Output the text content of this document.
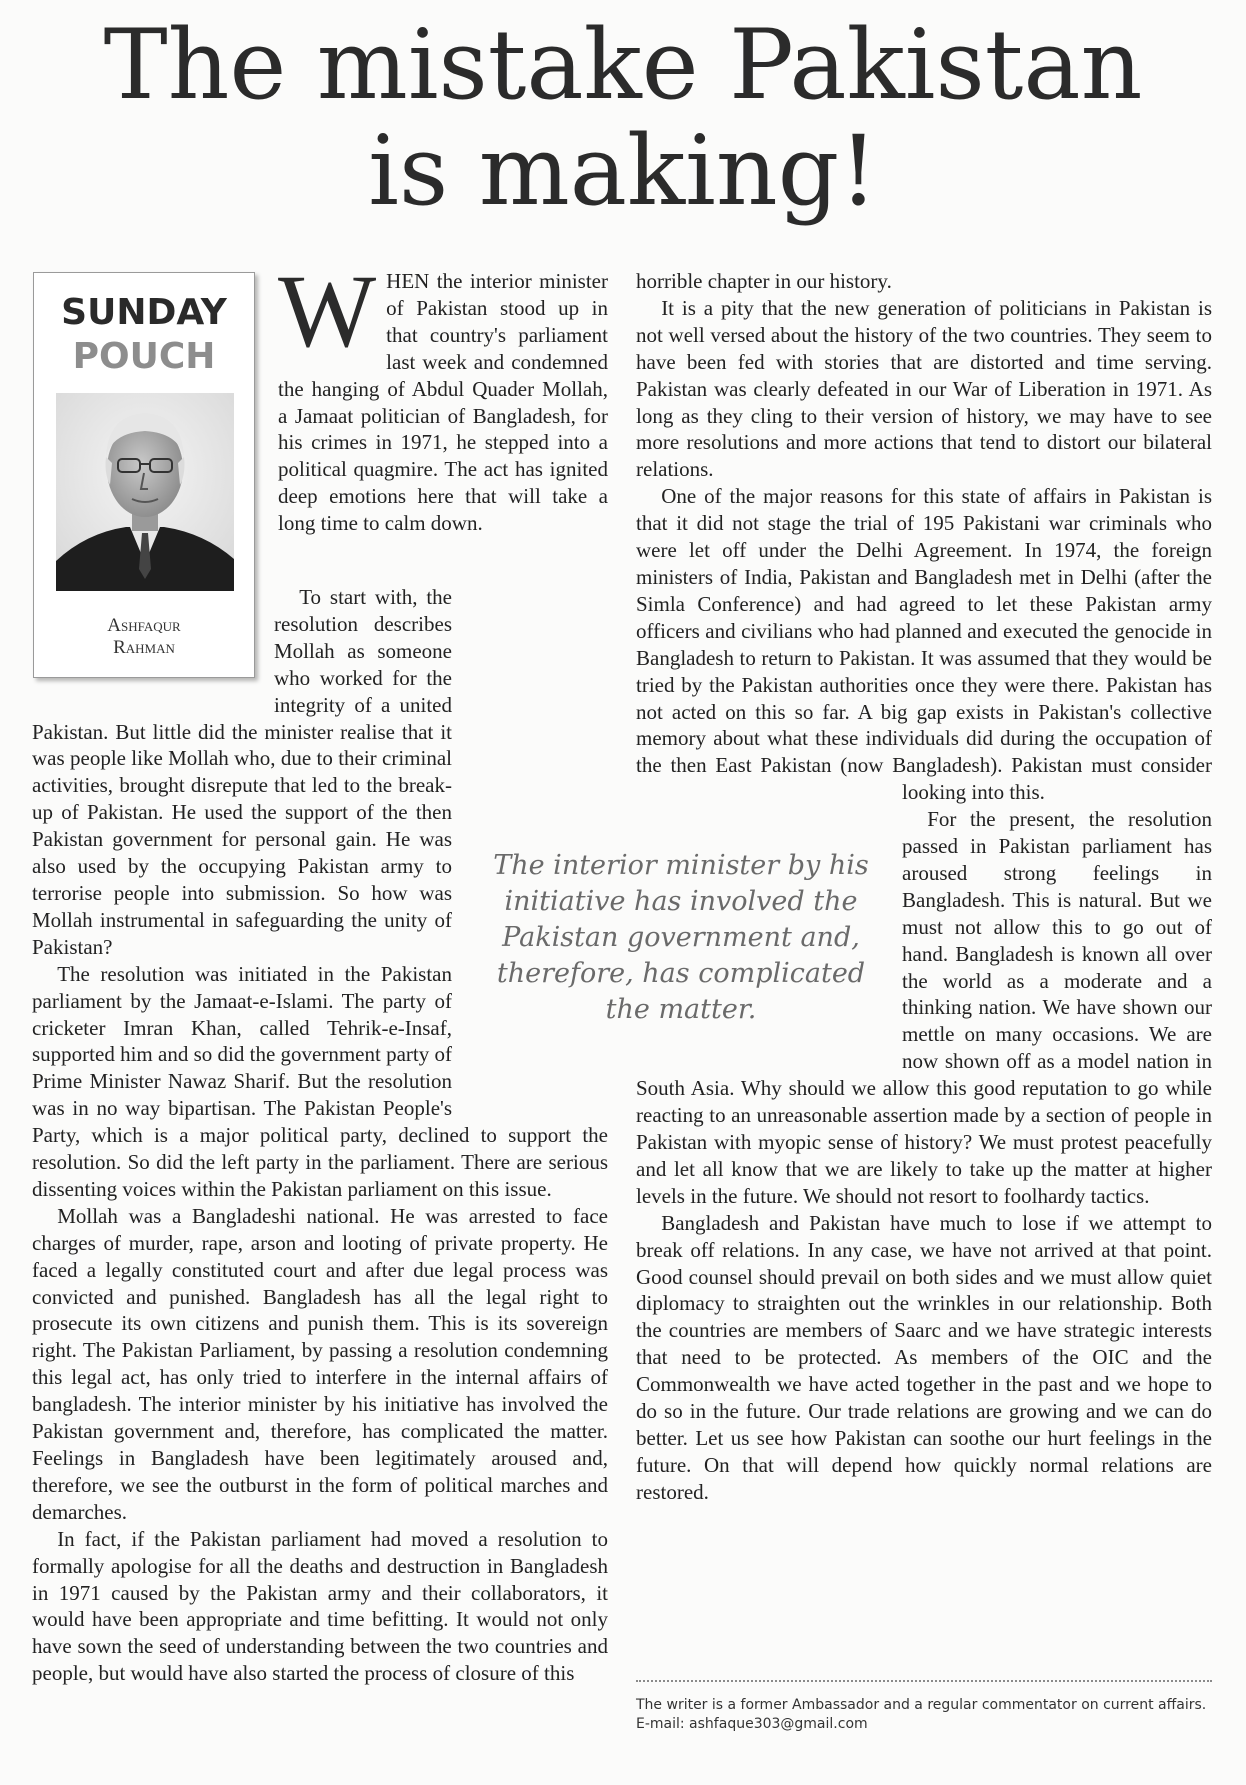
The mistake Pakistan
is making!
SUNDAY
POUCH
Ashfaqur
Rahman

WHEN the interior minister of Pakistan stood up in that country's parliament last week and condemned the hanging of Abdul Quader Mollah, a Jamaat politician of Bangladesh, for his crimes in 1971, he stepped into a political quagmire. The act has ignited deep emotions here that will take a long time to calm down.

To start with, the resolution describes Mollah as someone who worked for the integrity of a united Pakistan. But little did the minister realise that it was people like Mollah who, due to their criminal activities, brought disrepute that led to the break-up of Pakistan. He used the support of the then Pakistan government for personal gain. He was also used by the occupying Pakistan army to terrorise people into submission. So how was Mollah instrumental in safeguarding the unity of Pakistan?

The resolution was initiated in the Pakistan parliament by the Jamaat-e-Islami. The party of cricketer Imran Khan, called Tehrik-e-Insaf, supported him and so did the government party of Prime Minister Nawaz Sharif. But the resolution was in no way bipartisan. The Pakistan People's Party, which is a major political party, declined to support the resolution. So did the left party in the parliament. There are serious dissenting voices within the Pakistan parliament on this issue.

Mollah was a Bangladeshi national. He was arrested to face charges of murder, rape, arson and looting of private property. He faced a legally constituted court and after due legal process was convicted and punished. Bangladesh has all the legal right to prosecute its own citizens and punish them. This is its sovereign right. The Pakistan Parliament, by passing a resolution condemning this legal act, has only tried to interfere in the internal affairs of bangladesh. The interior minister by his initiative has involved the Pakistan government and, therefore, has complicated the matter. Feelings in Bangladesh have been legitimately aroused and, therefore, we see the outburst in the form of political marches and demarches.

In fact, if the Pakistan parliament had moved a resolution to formally apologise for all the deaths and destruction in Bangladesh in 1971 caused by the Pakistan army and their collaborators, it would have been appropriate and time befitting. It would not only have sown the seed of understanding between the two countries and people, but would have also started the process of closure of this

horrible chapter in our history.

It is a pity that the new generation of politicians in Pakistan is not well versed about the history of the two countries. They seem to have been fed with stories that are distorted and time serving. Pakistan was clearly defeated in our War of Liberation in 1971. As long as they cling to their version of history, we may have to see more resolutions and more actions that tend to distort our bilateral relations.

One of the major reasons for this state of affairs in Pakistan is that it did not stage the trial of 195 Pakistani war criminals who were let off under the Delhi Agreement. In 1974, the foreign ministers of India, Pakistan and Bangladesh met in Delhi (after the Simla Conference) and had agreed to let these Pakistan army officers and civilians who had planned and executed the genocide in Bangladesh to return to Pakistan. It was assumed that they would be tried by the Pakistan authorities once they were there. Pakistan has not acted on this so far. A big gap exists in Pakistan's collective memory about what these individuals did during the occupation of the then East Pakistan (now Bangladesh). Pakistan must consider looking into this.

For the present, the resolution passed in Pakistan parliament has aroused strong feelings in Bangladesh. This is natural. But we must not allow this to go out of hand. Bangladesh is known all over the world as a moderate and a thinking nation. We have shown our mettle on many occasions. We are now shown off as a model nation in South Asia. Why should we allow this good reputation to go while reacting to an unreasonable assertion made by a section of people in Pakistan with myopic sense of history? We must protest peacefully and let all know that we are likely to take up the matter at higher levels in the future. We should not resort to foolhardy tactics.

Bangladesh and Pakistan have much to lose if we attempt to break off relations. In any case, we have not arrived at that point. Good counsel should prevail on both sides and we must allow quiet diplomacy to straighten out the wrinkles in our relationship. Both the countries are members of Saarc and we have strategic interests that need to be protected. As members of the OIC and the Commonwealth we have acted together in the past and we hope to do so in the future. Our trade relations are growing and we can do better. Let us see how Pakistan can soothe our hurt feelings in the future. On that will depend how quickly normal relations are restored.

The interior minister by his initiative has involved the Pakistan government and, therefore, has complicated the matter.
The writer is a former Ambassador and a regular commentator on current affairs.
E-mail: ashfaque303@gmail.com
